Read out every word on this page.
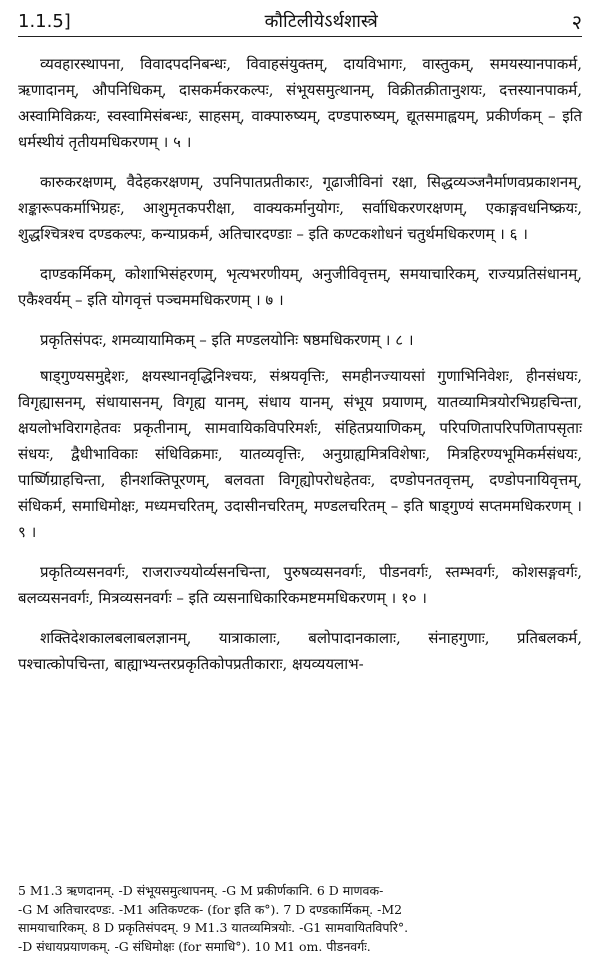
1.1.5]	कौटिलीयेऽर्थशास्त्रे	२

व्यवहारस्थापना, विवादपदनिबन्धः, विवाहसंयुक्तम्, दायविभागः, वास्तुकम्, समयस्यानपाकर्म, ऋणादानम्, औपनिधिकम्, दासकर्मकरकल्पः, संभूयसमुत्थानम्, विक्रीतक्रीतानुशयः, दत्तस्यानपाकर्म, अस्वामिविक्रयः, स्वस्वामिसंबन्धः, साहसम्, वाक्पारुष्यम्, दण्डपारुष्यम्, द्यूतसमाह्वयम्, प्रकीर्णकम् – इति धर्मस्थीयं तृतीयमधिकरणम् । ५ ।

कारुकरक्षणम्, वैदेहकरक्षणम्, उपनिपातप्रतीकारः, गूढाजीविनां रक्षा, सिद्धव्यञ्जनैर्माणवप्रकाशनम्, शङ्कारूपकर्माभिग्रहः, आशुमृतकपरीक्षा, वाक्यकर्मानुयोगः, सर्वाधिकरणरक्षणम्, एकाङ्गवधनिष्क्रयः, शुद्धश्चित्रश्च दण्डकल्पः, कन्याप्रकर्म, अतिचारदण्डाः – इति कण्टकशोधनं चतुर्थमधिकरणम् । ६ ।

दाण्डकर्मिकम्, कोशाभिसंहरणम्, भृत्यभरणीयम्, अनुजीविवृत्तम्, समयाचारिकम्, राज्यप्रतिसंधानम्, एकैश्वर्यम् – इति योगवृत्तं पञ्चममधिकरणम् । ७ ।

प्रकृतिसंपदः, शमव्यायामिकम् – इति मण्डलयोनिः षष्ठमधिकरणम् । ८ ।

षाड्गुण्यसमुद्देशः, क्षयस्थानवृद्धिनिश्चयः, संश्रयवृत्तिः, समहीनज्यायसां गुणाभिनिवेशः, हीनसंधयः, विगृह्यासनम्, संधायासनम्, विगृह्य यानम्, संधाय यानम्, संभूय प्रयाणम्, यातव्यामित्रयोरभिग्रहचिन्ता, क्षयलोभविरागहेतवः प्रकृतीनाम्, सामवायिकविपरिमर्शः, संहितप्रयाणिकम्, परिपणितापरिपणितापसृताः संधयः, द्वैधीभाविकाः संधिविक्रमाः, यातव्यवृत्तिः, अनुग्राह्यमित्रविशेषाः, मित्रहिरण्यभूमिकर्मसंधयः, पार्ष्णिग्राहचिन्ता, हीनशक्तिपूरणम्, बलवता विगृह्योपरोधहेतवः, दण्डोपनतवृत्तम्, दण्डोपनायिवृत्तम्, संधिकर्म, समाधिमोक्षः, मध्यमचरितम्, उदासीनचरितम्, मण्डलचरितम् – इति षाड्गुण्यं सप्तममधिकरणम् । ९ ।

प्रकृतिव्यसनवर्गः, राजराज्ययोर्व्यसनचिन्ता, पुरुषव्यसनवर्गः, पीडनवर्गः, स्तम्भवर्गः, कोशसङ्गवर्गः, बलव्यसनवर्गः, मित्रव्यसनवर्गः – इति व्यसनाधिकारिकमष्टममधिकरणम् । १० ।

शक्तिदेशकालबलाबलज्ञानम्, यात्राकालाः, बलोपादानकालाः, संनाहगुणाः, प्रतिबलकर्म, पश्चात्कोपचिन्ता, बाह्याभ्यन्तरप्रकृतिकोपप्रतीकाराः, क्षयव्ययलाभ-

5 M1.3 ऋणदानम्. -D संभूयसमुत्थापनम्. -G M प्रकीर्णकानि. 6 D माणवक-
-G M अतिचारदण्डः. -M1 अतिकण्टक- (for इति क°). 7 D दण्डकार्मिकम्. -M2
सामयाचारिकम्. 8 D प्रकृतिसंपदम्. 9 M1.3 यातव्यमित्रयोः. -G1 सामवायितविपरि°.
-D संधायप्रयाणकम्. -G संधिमोक्षः (for समाधि°). 10 M1 om. पीडनवर्गः.
